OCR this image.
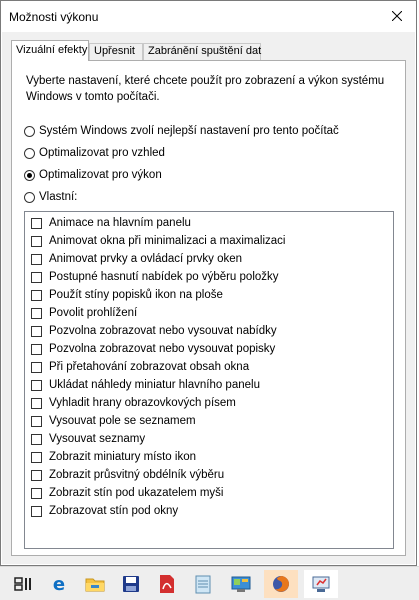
Možnosti výkonu
Vizuální efekty Upřesnit	Zabránění spuštění dat
Vyberte nastavení, které chcete použít pro zobrazení a výkon systému Windows v tomto počítači.
Systém Windows zvolí nejlepší nastavení pro tento počítač
Optimalizovat pro vzhled
Optimalizovat pro výkon
Vlastní:
Animace na hlavním panelu
Animovat okna při minimalizaci a maximalizaci
Animovat prvky a ovládací prvky oken
Postupné hasnutí nabídek po výběru položky
Použít stíny popisků ikon na ploše
Povolit prohlížení
Pozvolna zobrazovat nebo vysouvat nabídky
Pozvolna zobrazovat nebo vysouvat popisky
Při přetahování zobrazovat obsah okna
Ukládat náhledy miniatur hlavního panelu
Vyhladit hrany obrazovkových písem
Vysouvat pole se seznamem
Vysouvat seznamy
Zobrazit miniatury místo ikon
Zobrazit průsvitný obdélník výběru
Zobrazit stín pod ukazatelem myši
Zobrazovat stín pod okny
e
